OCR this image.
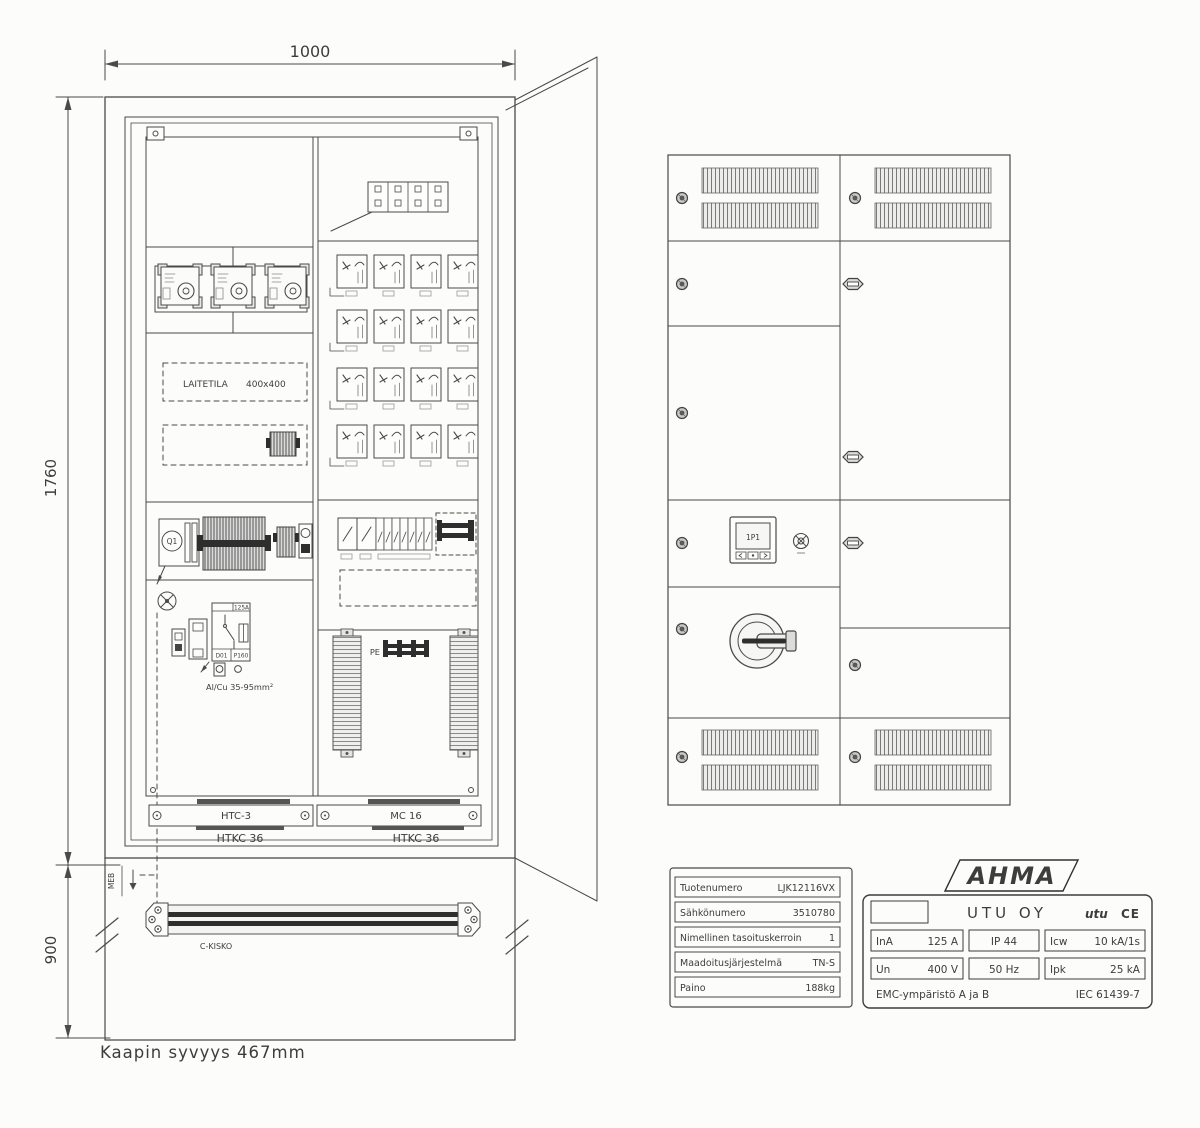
1000
1760
900
LAITETILA 400x400
Q1
125A
D01 P160
Al/Cu 35-95mm²
PE
HTC-3	MC 16
HTKC 36	HTKC 36
MEB
C-KISKO
Kaapin syvyys 467mm
1P1
Tuotenumero	LJK12116VX
Sähkönumero	3510780
Nimellinen tasoituskerroin	1
Maadoitusjärjestelmä	TN-S
Paino	188kg
AHMA
UTU OY	utu CE
InA	125 A	IP 44	Icw	10 kA/1s
Un	400 V	50 Hz	Ipk	25 kA
EMC-ympäristö A ja B	IEC 61439-7
